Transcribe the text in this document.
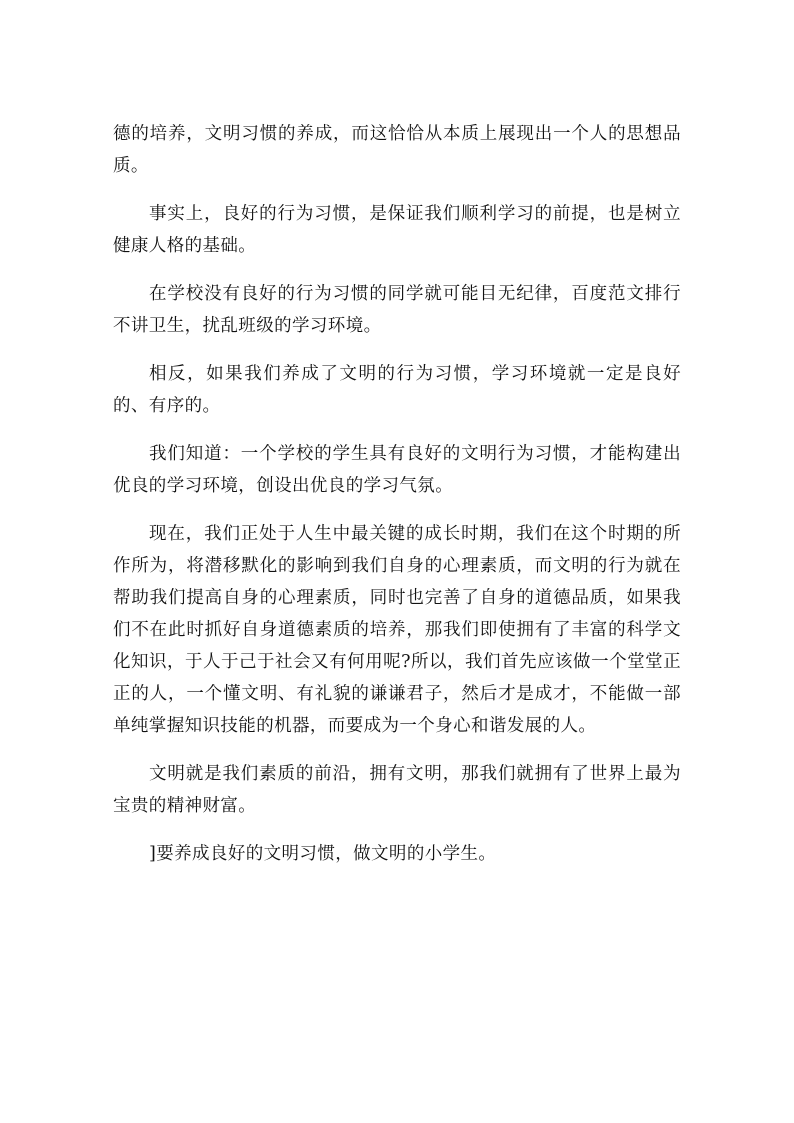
德的培养，文明习惯的养成，而这恰恰从本质上展现出一个人的思想品质。

事实上，良好的行为习惯，是保证我们顺利学习的前提，也是树立健康人格的基础。

在学校没有良好的行为习惯的同学就可能目无纪律，百度范文排行不讲卫生，扰乱班级的学习环境。

相反，如果我们养成了文明的行为习惯，学习环境就一定是良好的、有序的。

我们知道：一个学校的学生具有良好的文明行为习惯，才能构建出优良的学习环境，创设出优良的学习气氛。

现在，我们正处于人生中最关键的成长时期，我们在这个时期的所作所为，将潜移默化的影响到我们自身的心理素质，而文明的行为就在帮助我们提高自身的心理素质，同时也完善了自身的道德品质，如果我们不在此时抓好自身道德素质的培养，那我们即使拥有了丰富的科学文化知识，于人于己于社会又有何用呢?所以，我们首先应该做一个堂堂正正的人，一个懂文明、有礼貌的谦谦君子，然后才是成才，不能做一部单纯掌握知识技能的机器，而要成为一个身心和谐发展的人。

文明就是我们素质的前沿，拥有文明，那我们就拥有了世界上最为宝贵的精神财富。

]要养成良好的文明习惯，做文明的小学生。
